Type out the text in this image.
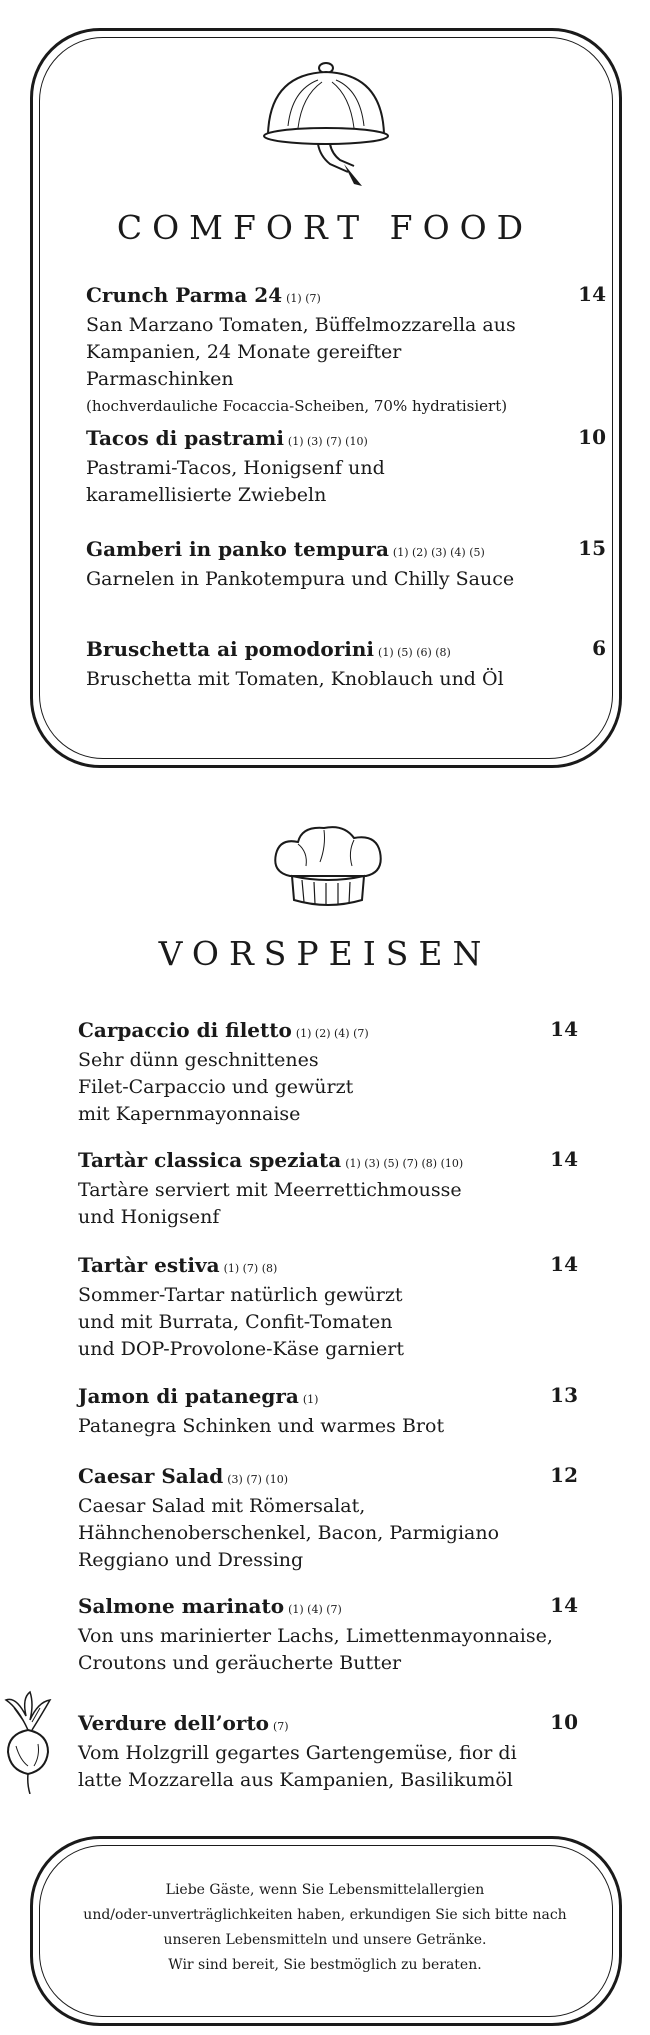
COMFORT FOOD
Crunch Parma 24 (1) (7)	14
San Marzano Tomaten, Büffelmozzarella aus Kampanien, 24 Monate gereifter Parmaschinken
(hochverdauliche Focaccia-Scheiben, 70% hydratisiert)
Tacos di pastrami (1) (3) (7) (10)	10
Pastrami-Tacos, Honigsenf und
karamellisierte Zwiebeln
Gamberi in panko tempura (1) (2) (3) (4) (5)	15
Garnelen in Pankotempura und Chilly Sauce
Bruschetta ai pomodorini (1) (5) (6) (8)	6
Bruschetta mit Tomaten, Knoblauch und Öl
VORSPEISEN
Carpaccio di filetto (1) (2) (4) (7)	14
Sehr dünn geschnittenes
Filet-Carpaccio und gewürzt
mit Kapernmayonnaise
Tartàr classica speziata (1) (3) (5) (7) (8) (10)	14
Tartàre serviert mit Meerrettichmousse
und Honigsenf
Tartàr estiva (1) (7) (8)	14
Sommer-Tartar natürlich gewürzt
und mit Burrata, Confit-Tomaten
und DOP-Provolone-Käse garniert
Jamon di patanegra (1)	13
Patanegra Schinken und warmes Brot
Caesar Salad (3) (7) (10)	12
Caesar Salad mit Römersalat,
Hähnchenoberschenkel, Bacon, Parmigiano
Reggiano und Dressing
Salmone marinato (1) (4) (7)	14
Von uns marinierter Lachs, Limettenmayonnaise,
Croutons und geräucherte Butter
Verdure dell’orto (7)	10
Vom Holzgrill gegartes Gartengemüse, fior di
latte Mozzarella aus Kampanien, Basilikumöl
Liebe Gäste, wenn Sie Lebensmittelallergien
und/oder-unverträglichkeiten haben, erkundigen Sie sich bitte nach
unseren Lebensmitteln und unsere Getränke.
Wir sind bereit, Sie bestmöglich zu beraten.
